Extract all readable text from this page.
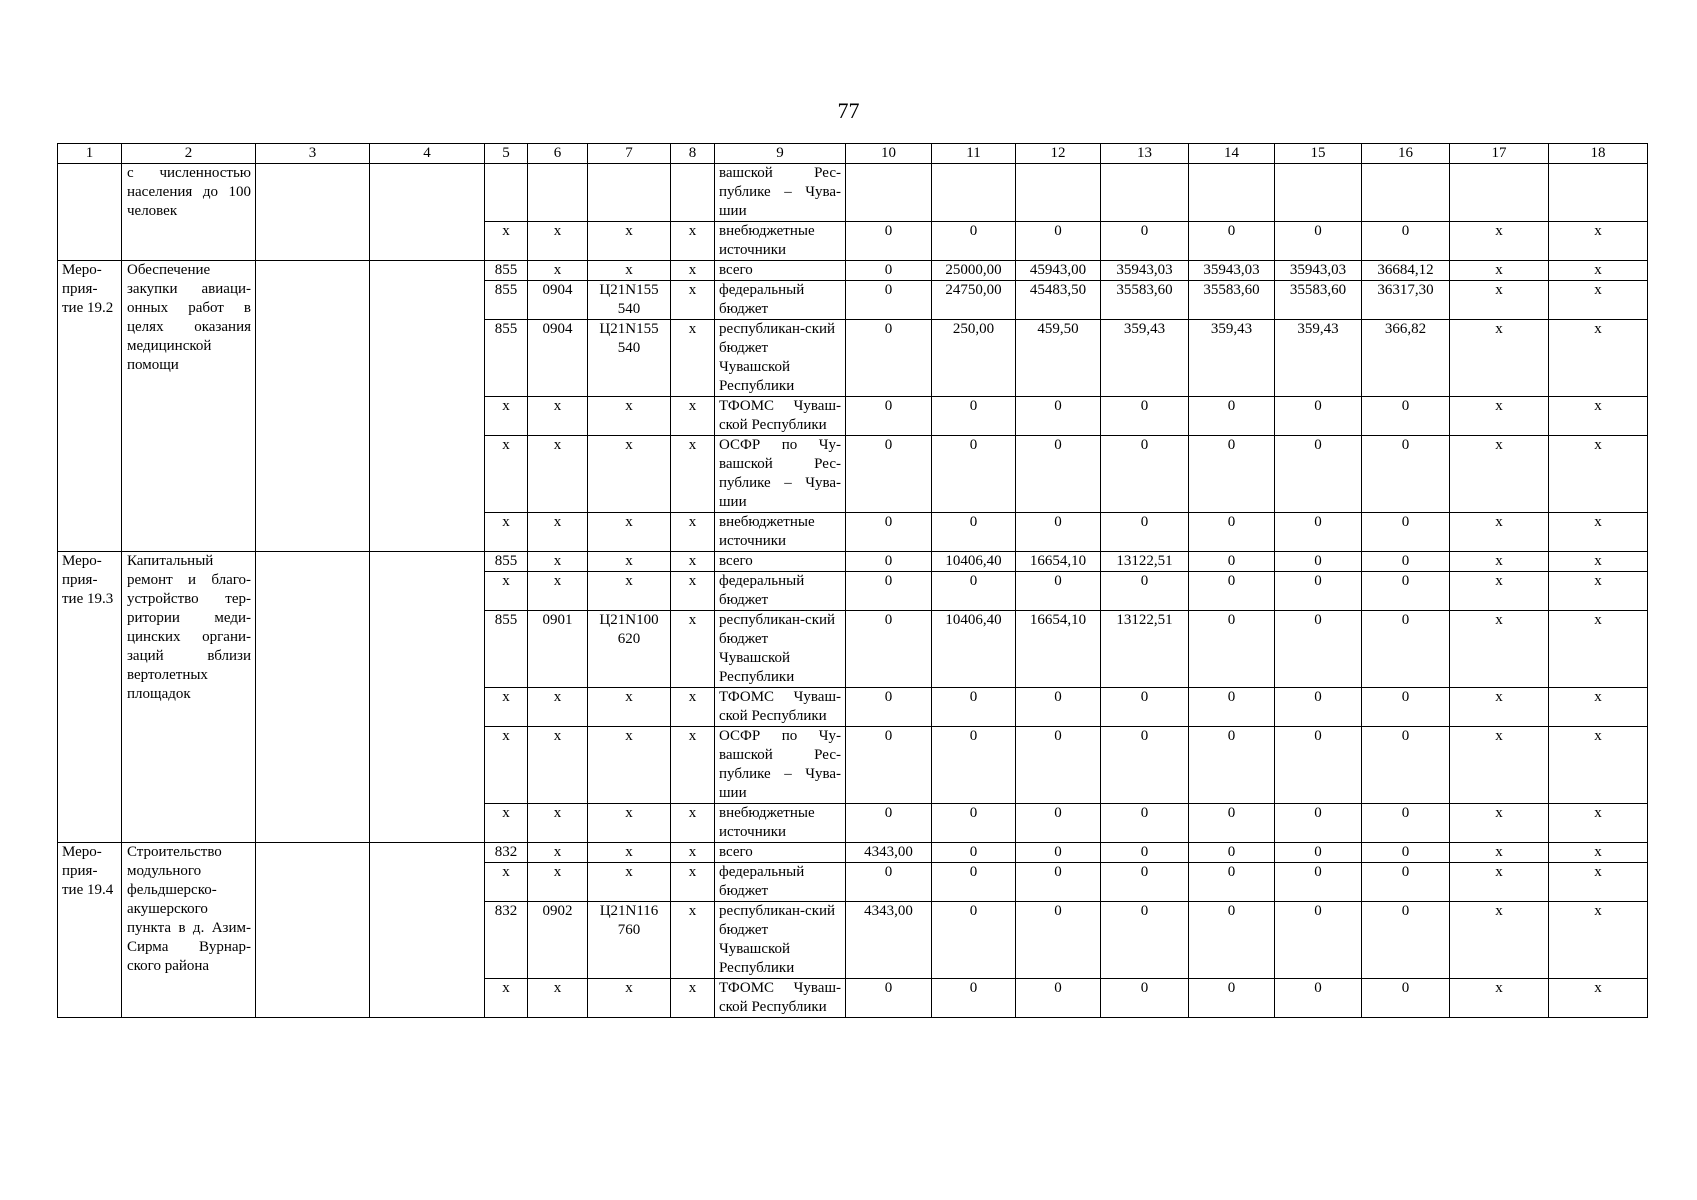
77
1	2	3	4	5	6	7	8	9	10	11	12	13	14	15	16	17	18
	с численностью населения до 100 человек							вашской Рес-публике – Чува-шии									
				х	х	х	х	внебюджетные источники	0	0	0	0	0	0	0	х	х
Меро-прия-тие 19.2	Обеспечение закупки авиаци-онных работ в целях оказания медицинской помощи			855	х	х	х	всего	0	25000,00	45943,00	35943,03	35943,03	35943,03	36684,12	х	х
				855	0904	Ц21N155 540	х	федеральный бюджет	0	24750,00	45483,50	35583,60	35583,60	35583,60	36317,30	х	х
				855	0904	Ц21N155 540	х	республикан-ский бюджет Чувашской Республики	0	250,00	459,50	359,43	359,43	359,43	366,82	х	х
				х	х	х	х	ТФОМС Чуваш-ской Республики	0	0	0	0	0	0	0	х	х
				х	х	х	х	ОСФР по Чу-вашской Рес-публике – Чува-шии	0	0	0	0	0	0	0	х	х
				х	х	х	х	внебюджетные источники	0	0	0	0	0	0	0	х	х
Меро-прия-тие 19.3	Капитальный ремонт и благо-устройство тер-ритории меди-цинских органи-заций вблизи вертолетных площадок			855	х	х	х	всего	0	10406,40	16654,10	13122,51	0	0	0	х	х
				х	х	х	х	федеральный бюджет	0	0	0	0	0	0	0	х	х
				855	0901	Ц21N100 620	х	республикан-ский бюджет Чувашской Республики	0	10406,40	16654,10	13122,51	0	0	0	х	х
				х	х	х	х	ТФОМС Чуваш-ской Республики	0	0	0	0	0	0	0	х	х
				х	х	х	х	ОСФР по Чу-вашской Рес-публике – Чува-шии	0	0	0	0	0	0	0	х	х
				х	х	х	х	внебюджетные источники	0	0	0	0	0	0	0	х	х
Меро-прия-тие 19.4	Строительство модульного фельдшерско-акушерского пункта в д. Азим-Сирма Вурнар-ского района			832	х	х	х	всего	4343,00	0	0	0	0	0	0	х	х
				х	х	х	х	федеральный бюджет	0	0	0	0	0	0	0	х	х
				832	0902	Ц21N116 760	х	республикан-ский бюджет Чувашской Республики	4343,00	0	0	0	0	0	0	х	х
				х	х	х	х	ТФОМС Чуваш-ской Республики	0	0	0	0	0	0	0	х	х
